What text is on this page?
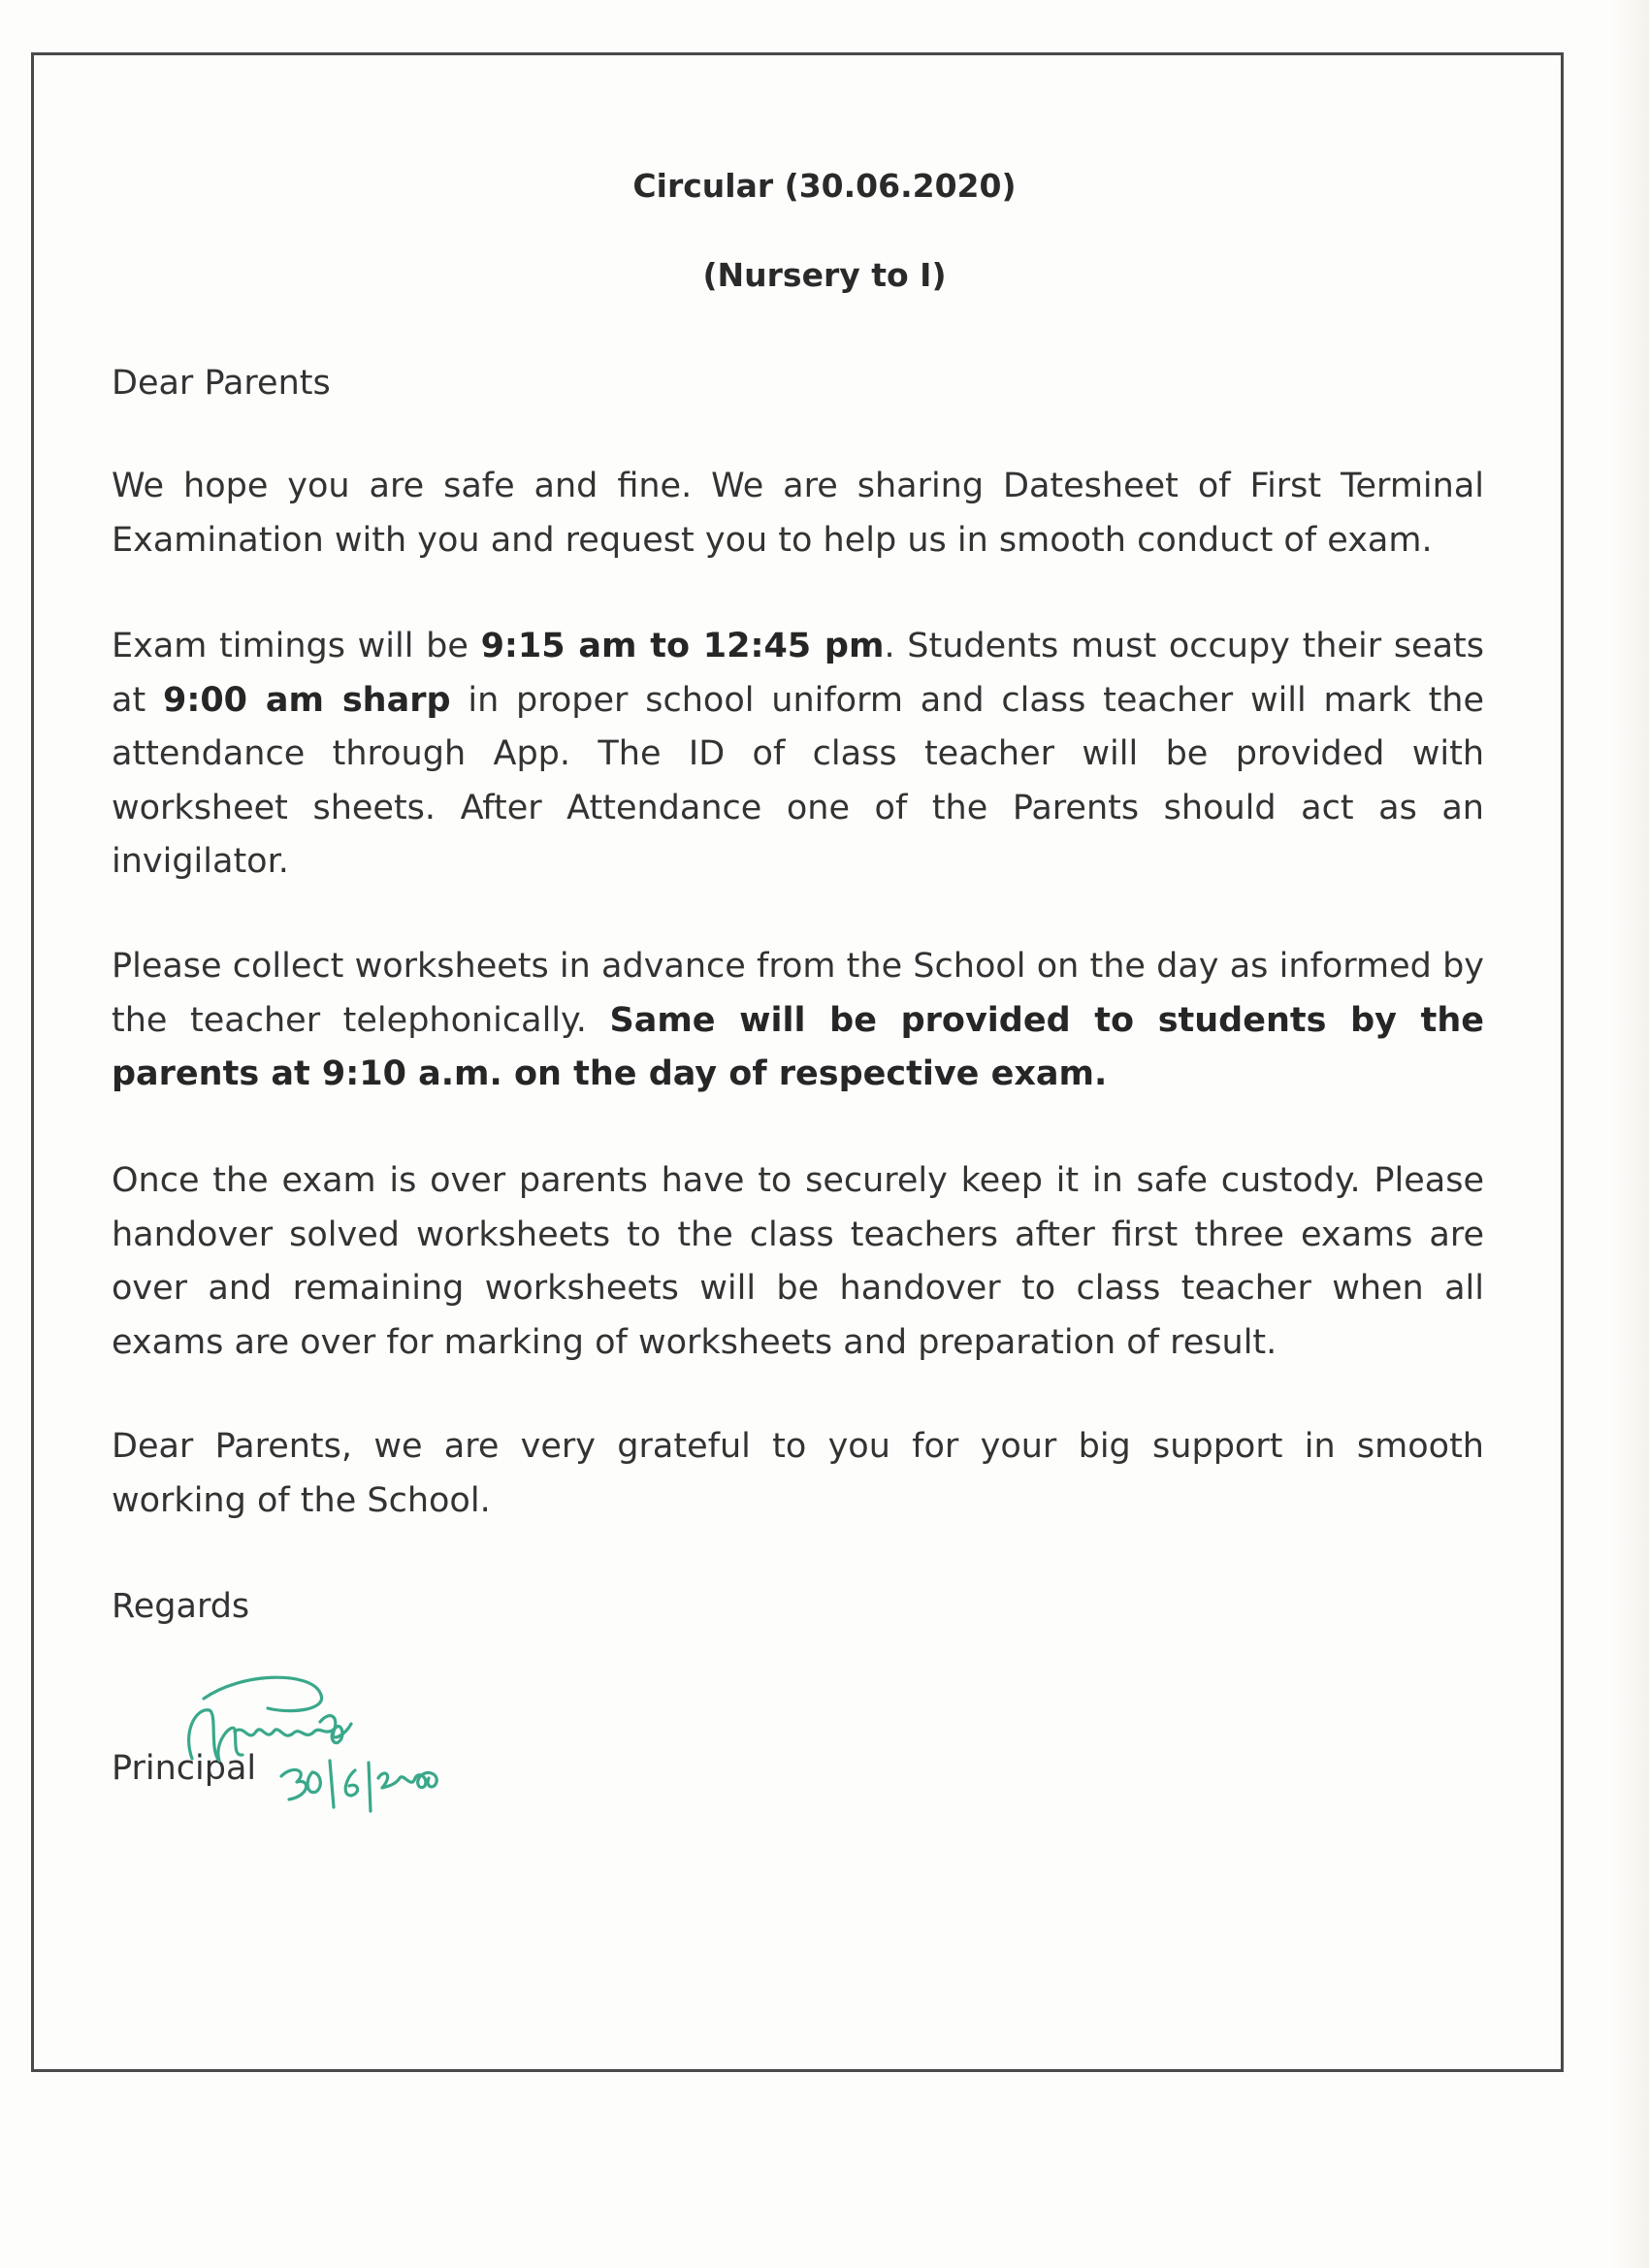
Circular (30.06.2020)
(Nursery to I)

Dear Parents

We hope you are safe and fine. We are sharing Datesheet of First Terminal Examination with you and request you to help us in smooth conduct of exam.

Exam timings will be 9:15 am to 12:45 pm. Students must occupy their seats at 9:00 am sharp in proper school uniform and class teacher will mark the attendance through App. The ID of class teacher will be provided with worksheet sheets. After Attendance one of the Parents should act as an invigilator.

Please collect worksheets in advance from the School on the day as informed by the teacher telephonically. Same will be provided to students by the parents at 9:10 a.m. on the day of respective exam.

Once the exam is over parents have to securely keep it in safe custody. Please handover solved worksheets to the class teachers after first three exams are over and remaining worksheets will be handover to class teacher when all exams are over for marking of worksheets and preparation of result.

Dear Parents, we are very grateful to you for your big support in smooth working of the School.

Regards

Principal
